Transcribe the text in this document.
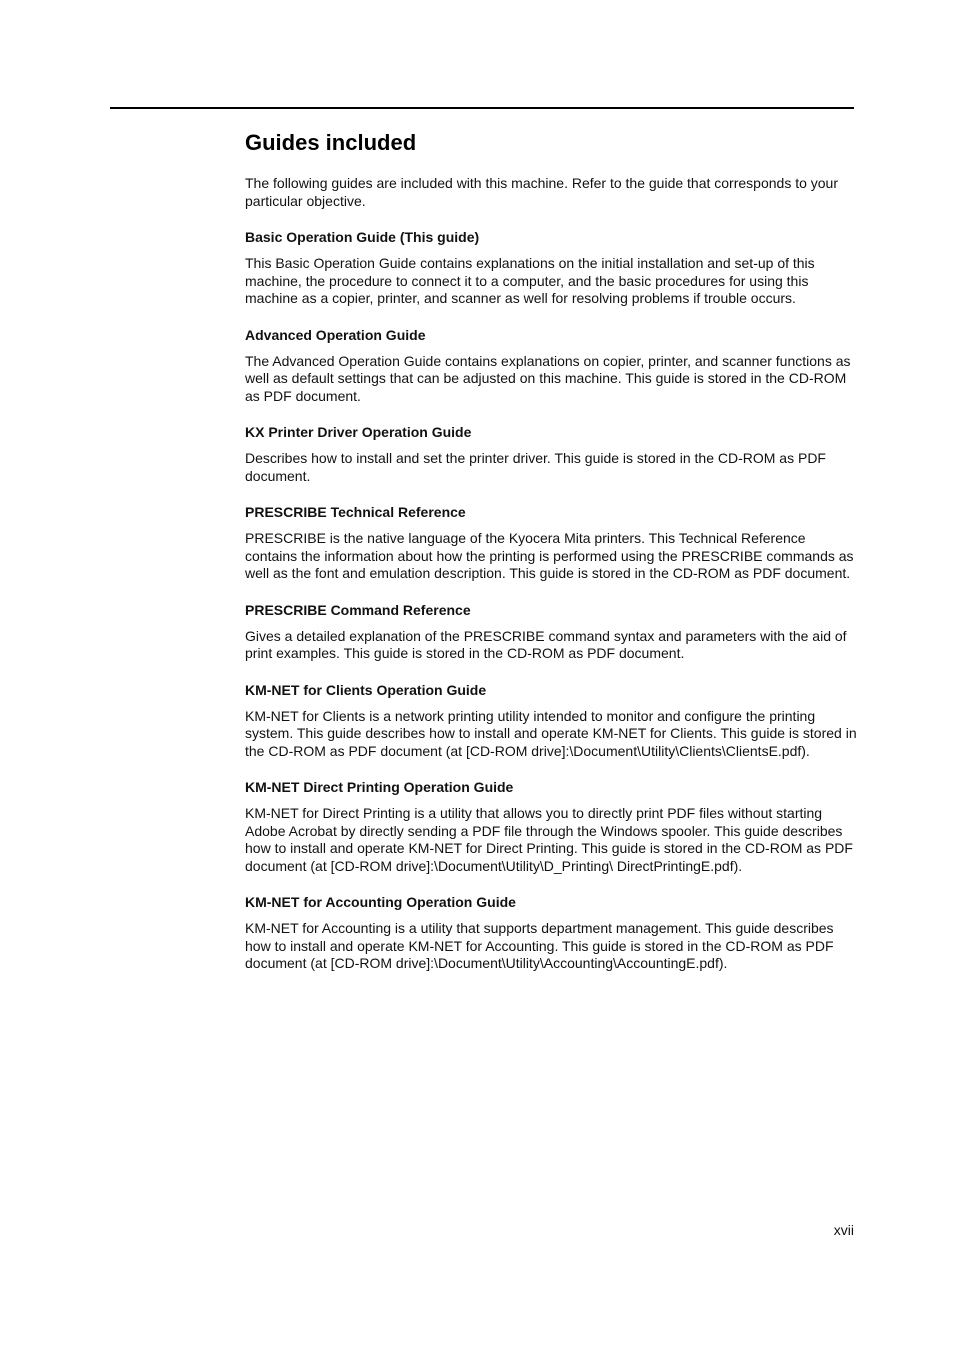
Guides included

The following guides are included with this machine. Refer to the guide that corresponds to your particular objective.

Basic Operation Guide (This guide)

This Basic Operation Guide contains explanations on the initial installation and set-up of this machine, the procedure to connect it to a computer, and the basic procedures for using this machine as a copier, printer, and scanner as well for resolving problems if trouble occurs.

Advanced Operation Guide

The Advanced Operation Guide contains explanations on copier, printer, and scanner functions as well as default settings that can be adjusted on this machine. This guide is stored in the CD-ROM as PDF document.

KX Printer Driver Operation Guide

Describes how to install and set the printer driver. This guide is stored in the CD-ROM as PDF document.

PRESCRIBE Technical Reference

PRESCRIBE is the native language of the Kyocera Mita printers. This Technical Reference contains the information about how the printing is performed using the PRESCRIBE commands as well as the font and emulation description. This guide is stored in the CD-ROM as PDF document.

PRESCRIBE Command Reference

Gives a detailed explanation of the PRESCRIBE command syntax and parameters with the aid of print examples. This guide is stored in the CD-ROM as PDF document.

KM-NET for Clients Operation Guide

KM-NET for Clients is a network printing utility intended to monitor and configure the printing system. This guide describes how to install and operate KM-NET for Clients. This guide is stored in the CD-ROM as PDF document (at [CD-ROM drive]:\Document\Utility\Clients\ClientsE.pdf).

KM-NET Direct Printing Operation Guide

KM-NET for Direct Printing is a utility that allows you to directly print PDF files without starting Adobe Acrobat by directly sending a PDF file through the Windows spooler. This guide describes how to install and operate KM-NET for Direct Printing. This guide is stored in the CD-ROM as PDF document (at [CD-ROM drive]:\Document\Utility\D_Printing\ DirectPrintingE.pdf).

KM-NET for Accounting Operation Guide

KM-NET for Accounting is a utility that supports department management. This guide describes how to install and operate KM-NET for Accounting. This guide is stored in the CD-ROM as PDF document (at [CD-ROM drive]:\Document\Utility\Accounting\AccountingE.pdf).

xvii
